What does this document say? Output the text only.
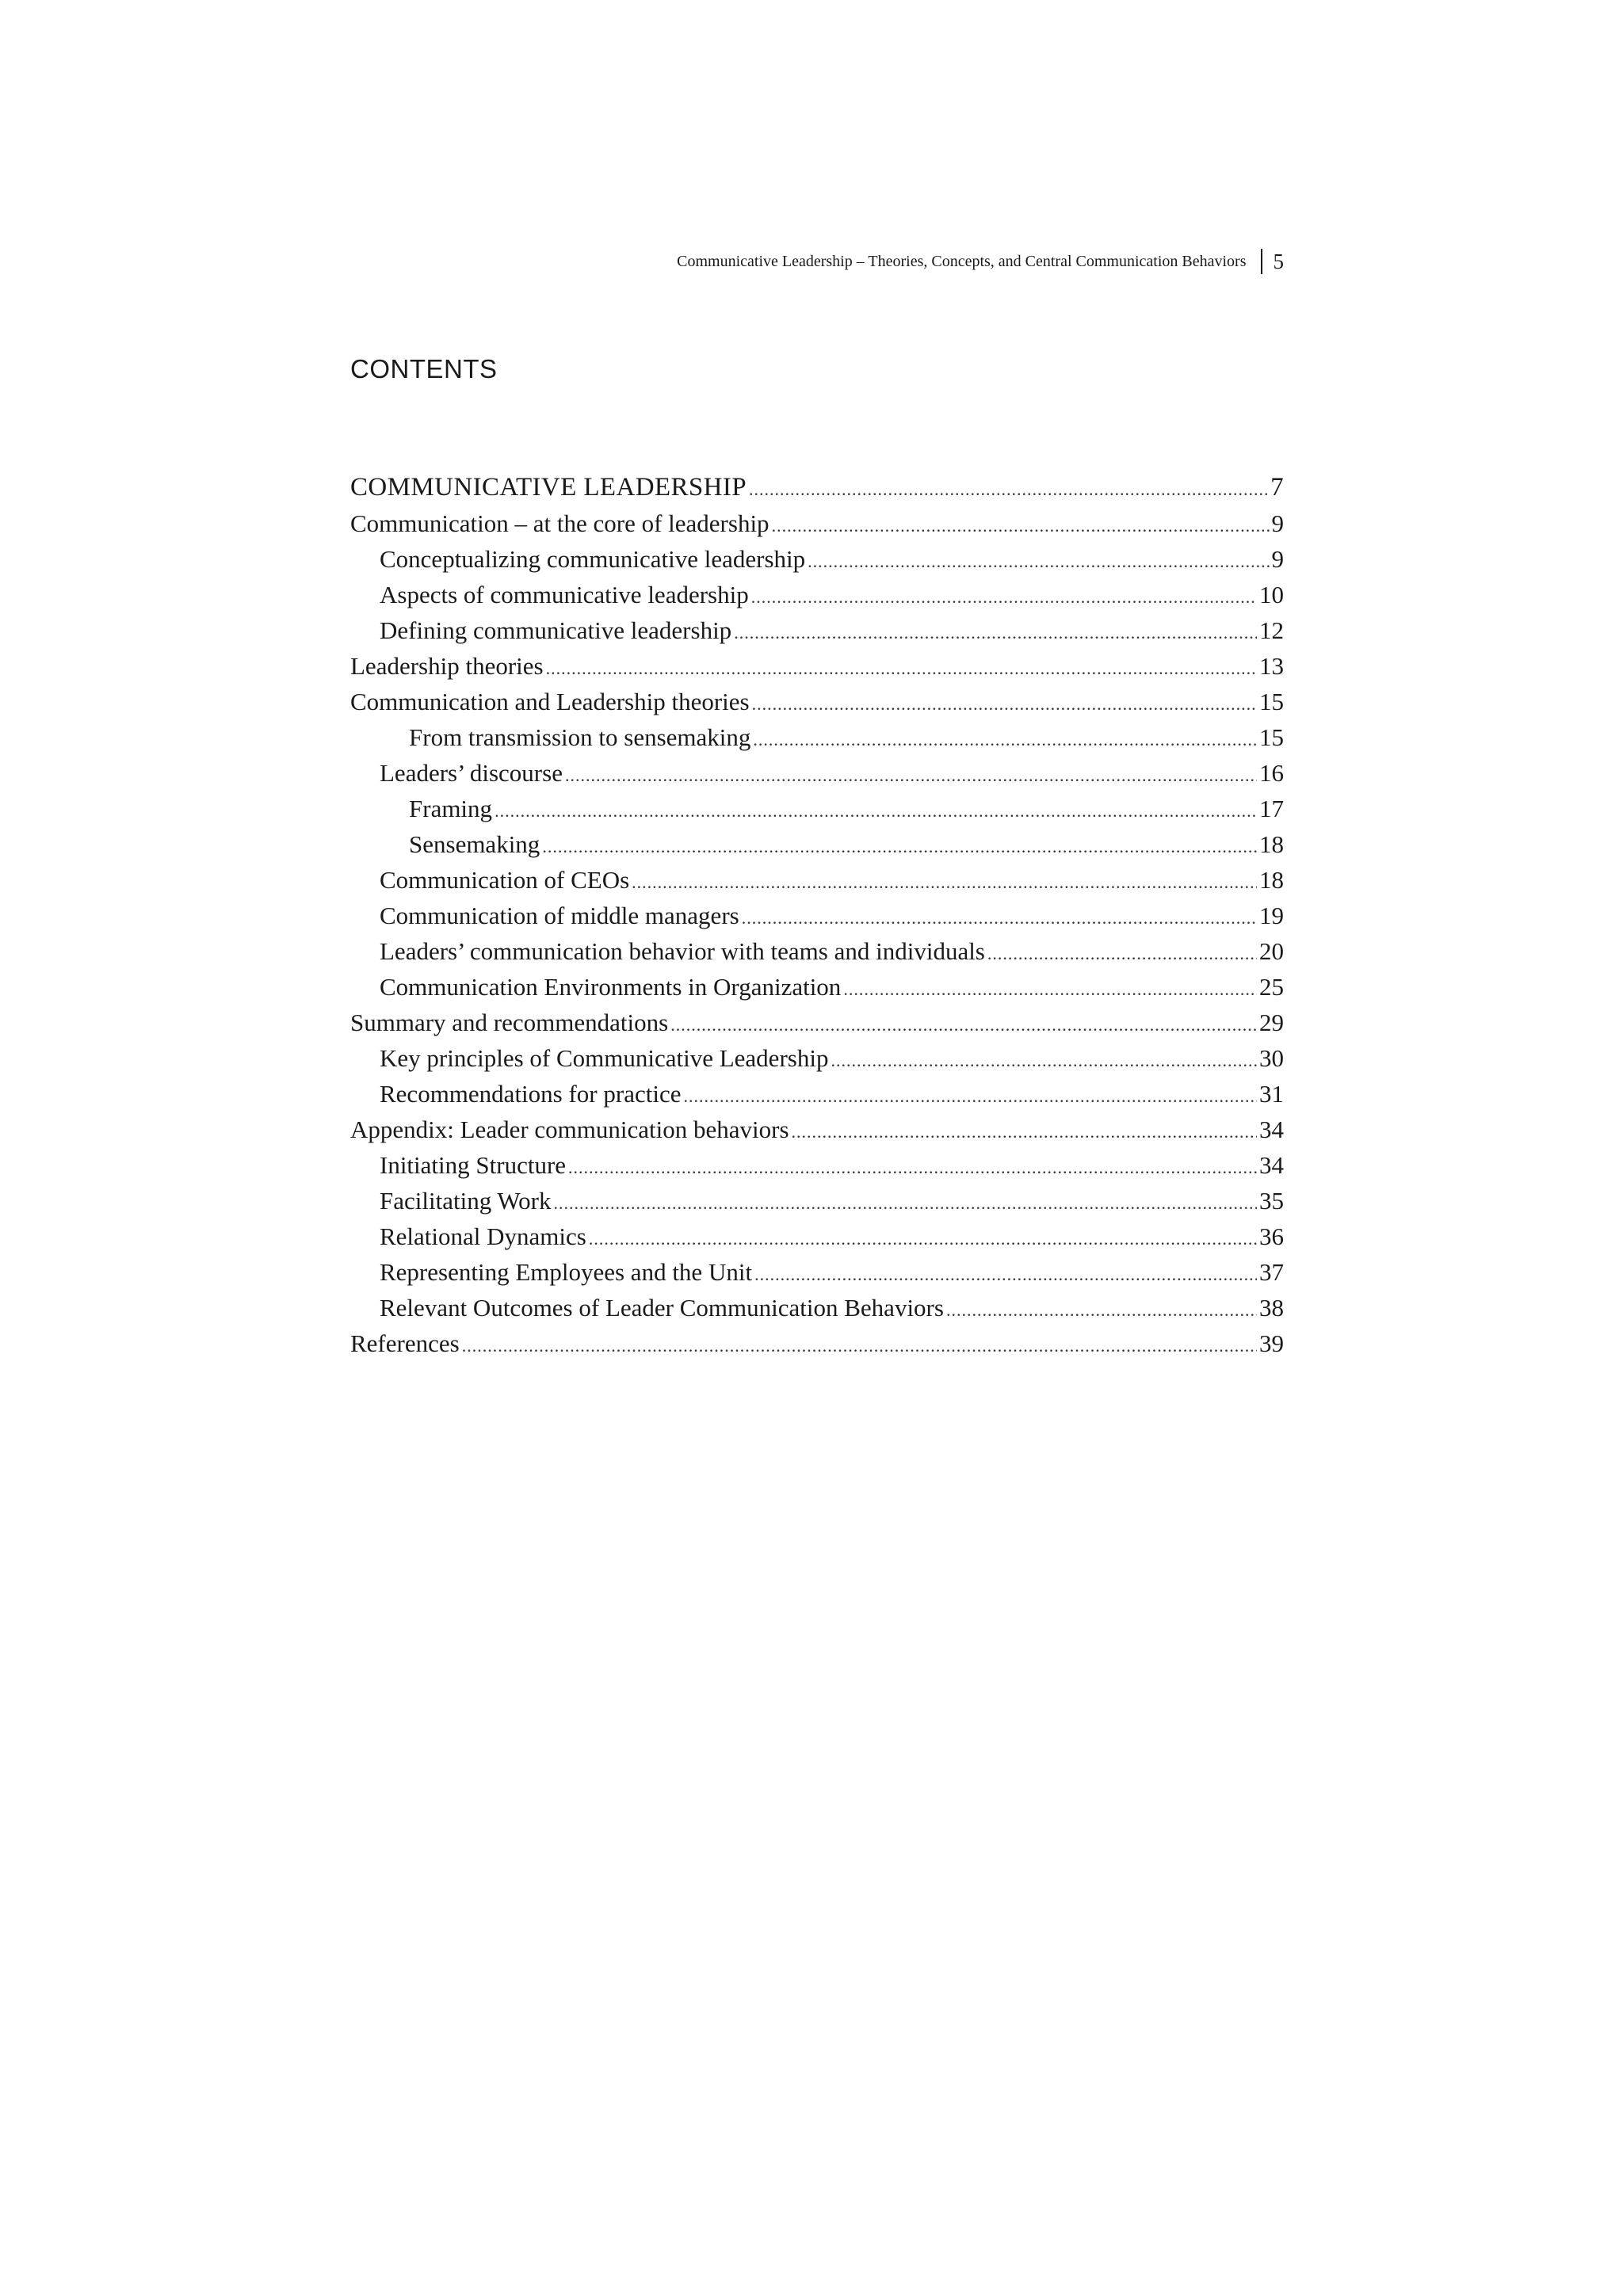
Communicative Leadership – Theories, Concepts, and Central Communication Behaviors 5
CONTENTS
COMMUNICATIVE LEADERSHIP .....	7
Communication – at the core of leadership .....	9
Conceptualizing communicative leadership .....	9
Aspects of communicative leadership .....	10
Defining communicative leadership .....	12
Leadership theories .....	13
Communication and Leadership theories .....	15
From transmission to sensemaking .....	15
Leaders’ discourse .....	16
Framing .....	17
Sensemaking .....	18
Communication of CEOs .....	18
Communication of middle managers .....	19
Leaders’ communication behavior with teams and individuals .....	20
Communication Environments in Organization .....	25
Summary and recommendations .....	29
Key principles of Communicative Leadership .....	30
Recommendations for practice .....	31
Appendix: Leader communication behaviors .....	34
Initiating Structure .....	34
Facilitating Work .....	35
Relational Dynamics .....	36
Representing Employees and the Unit .....	37
Relevant Outcomes of Leader Communication Behaviors .....	38
References .....	39
